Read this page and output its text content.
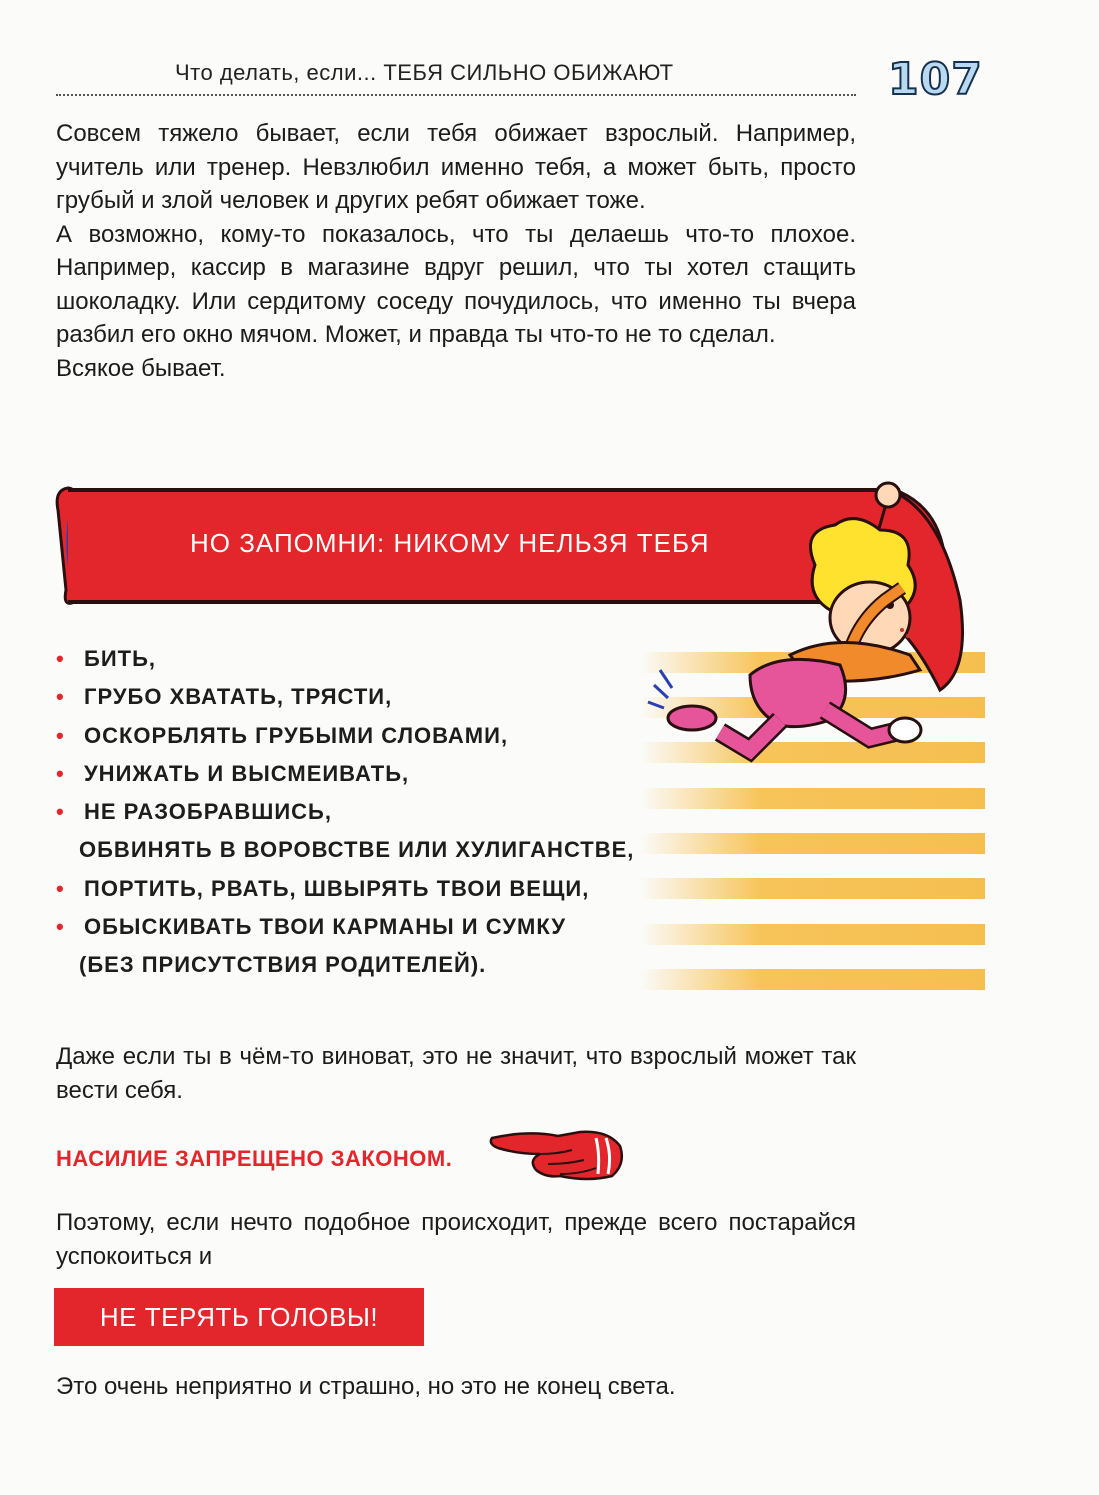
Что делать, если... ТЕБЯ СИЛЬНО ОБИЖАЮТ	107

Совсем тяжело бывает, если тебя обижает взрослый. Например, учитель или тренер. Невзлюбил именно тебя, а может быть, просто грубый и злой человек и других ребят обижает тоже.

А возможно, кому-то показалось, что ты делаешь что-то плохое. Например, кассир в магазине вдруг решил, что ты хотел стащить шоколадку. Или сердитому соседу почудилось, что именно ты вчера разбил его окно мячом. Может, и правда ты что-то не то сделал.

Всякое бывает.

НО ЗАПОМНИ: НИКОМУ НЕЛЬЗЯ ТЕБЯ
• БИТЬ,
• ГРУБО ХВАТАТЬ, ТРЯСТИ,
• ОСКОРБЛЯТЬ ГРУБЫМИ СЛОВАМИ,
• УНИЖАТЬ И ВЫСМЕИВАТЬ,
• НЕ РАЗОБРАВШИСЬ,
ОБВИНЯТЬ В ВОРОВСТВЕ ИЛИ ХУЛИГАНСТВЕ,
• ПОРТИТЬ, РВАТЬ, ШВЫРЯТЬ ТВОИ ВЕЩИ,
• ОБЫСКИВАТЬ ТВОИ КАРМАНЫ И СУМКУ
(БЕЗ ПРИСУТСТВИЯ РОДИТЕЛЕЙ).
Даже если ты в чём-то виноват, это не значит, что взрослый может так вести себя.
НАСИЛИЕ ЗАПРЕЩЕНО ЗАКОНОМ.
Поэтому, если нечто подобное происходит, прежде всего постарайся успокоиться и
НЕ ТЕРЯТЬ ГОЛОВЫ!
Это очень неприятно и страшно, но это не конец света.
